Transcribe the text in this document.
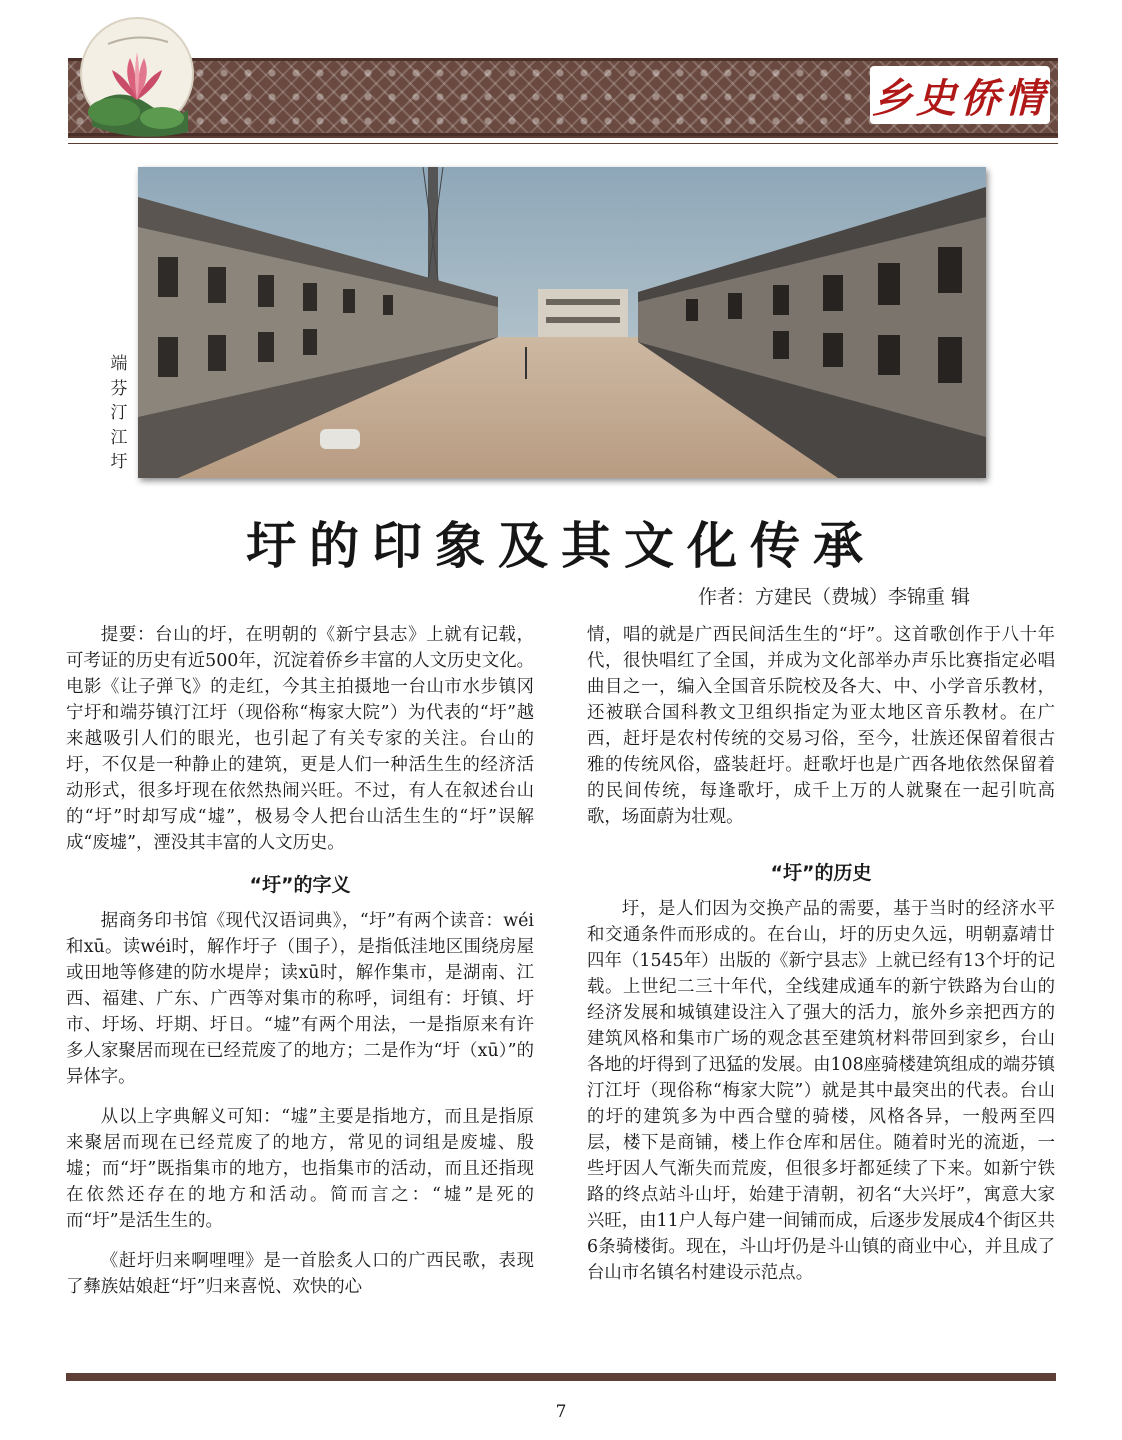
乡史侨情
端
芬
汀
江
圩
圩的印象及其文化传承
作者：方建民（费城）李锦重 辑

提要：台山的圩，在明朝的《新宁县志》上就有记载，可考证的历史有近500年，沉淀着侨乡丰富的人文历史文化。电影《让子弹飞》的走红，今其主拍摄地一台山市水步镇冈宁圩和端芬镇汀江圩（现俗称“梅家大院”）为代表的“圩”越来越吸引人们的眼光，也引起了有关专家的关注。台山的圩，不仅是一种静止的建筑，更是人们一种活生生的经济活动形式，很多圩现在依然热闹兴旺。不过，有人在叙述台山的“圩”时却写成“墟”，极易令人把台山活生生的“圩”误解成“废墟”，湮没其丰富的人文历史。

“圩”的字义

据商务印书馆《现代汉语词典》，“圩”有两个读音：wéi和xū。读wéi时，解作圩子（围子），是指低洼地区围绕房屋或田地等修建的防水堤岸；读xū时，解作集市，是湖南、江西、福建、广东、广西等对集市的称呼，词组有：圩镇、圩市、圩场、圩期、圩日。“墟”有两个用法，一是指原来有许多人家聚居而现在已经荒废了的地方；二是作为“圩（xū）”的异体字。

从以上字典解义可知：“墟”主要是指地方，而且是指原来聚居而现在已经荒废了的地方，常见的词组是废墟、殷墟；而“圩”既指集市的地方，也指集市的活动，而且还指现在依然还存在的地方和活动。简而言之：“墟”是死的而“圩”是活生生的。

《赶圩归来啊哩哩》是一首脍炙人口的广西民歌，表现了彝族姑娘赶“圩”归来喜悦、欢快的心

情，唱的就是广西民间活生生的“圩”。这首歌创作于八十年代，很快唱红了全国，并成为文化部举办声乐比赛指定必唱曲目之一，编入全国音乐院校及各大、中、小学音乐教材，还被联合国科教文卫组织指定为亚太地区音乐教材。在广西，赶圩是农村传统的交易习俗，至今，壮族还保留着很古雅的传统风俗，盛装赶圩。赶歌圩也是广西各地依然保留着的民间传统，每逢歌圩，成千上万的人就聚在一起引吭高歌，场面蔚为壮观。

“圩”的历史

圩，是人们因为交换产品的需要，基于当时的经济水平和交通条件而形成的。在台山，圩的历史久远，明朝嘉靖廿四年（1545年）出版的《新宁县志》上就已经有13个圩的记载。上世纪二三十年代，全线建成通车的新宁铁路为台山的经济发展和城镇建设注入了强大的活力，旅外乡亲把西方的建筑风格和集市广场的观念甚至建筑材料带回到家乡，台山各地的圩得到了迅猛的发展。由108座骑楼建筑组成的端芬镇汀江圩（现俗称“梅家大院”）就是其中最突出的代表。台山的圩的建筑多为中西合璧的骑楼，风格各异，一般两至四层，楼下是商铺，楼上作仓库和居住。随着时光的流逝，一些圩因人气渐失而荒废，但很多圩都延续了下来。如新宁铁路的终点站斗山圩，始建于清朝，初名“大兴圩”，寓意大家兴旺，由11户人每户建一间铺而成，后逐步发展成4个街区共6条骑楼街。现在，斗山圩仍是斗山镇的商业中心，并且成了台山市名镇名村建设示范点。

7
